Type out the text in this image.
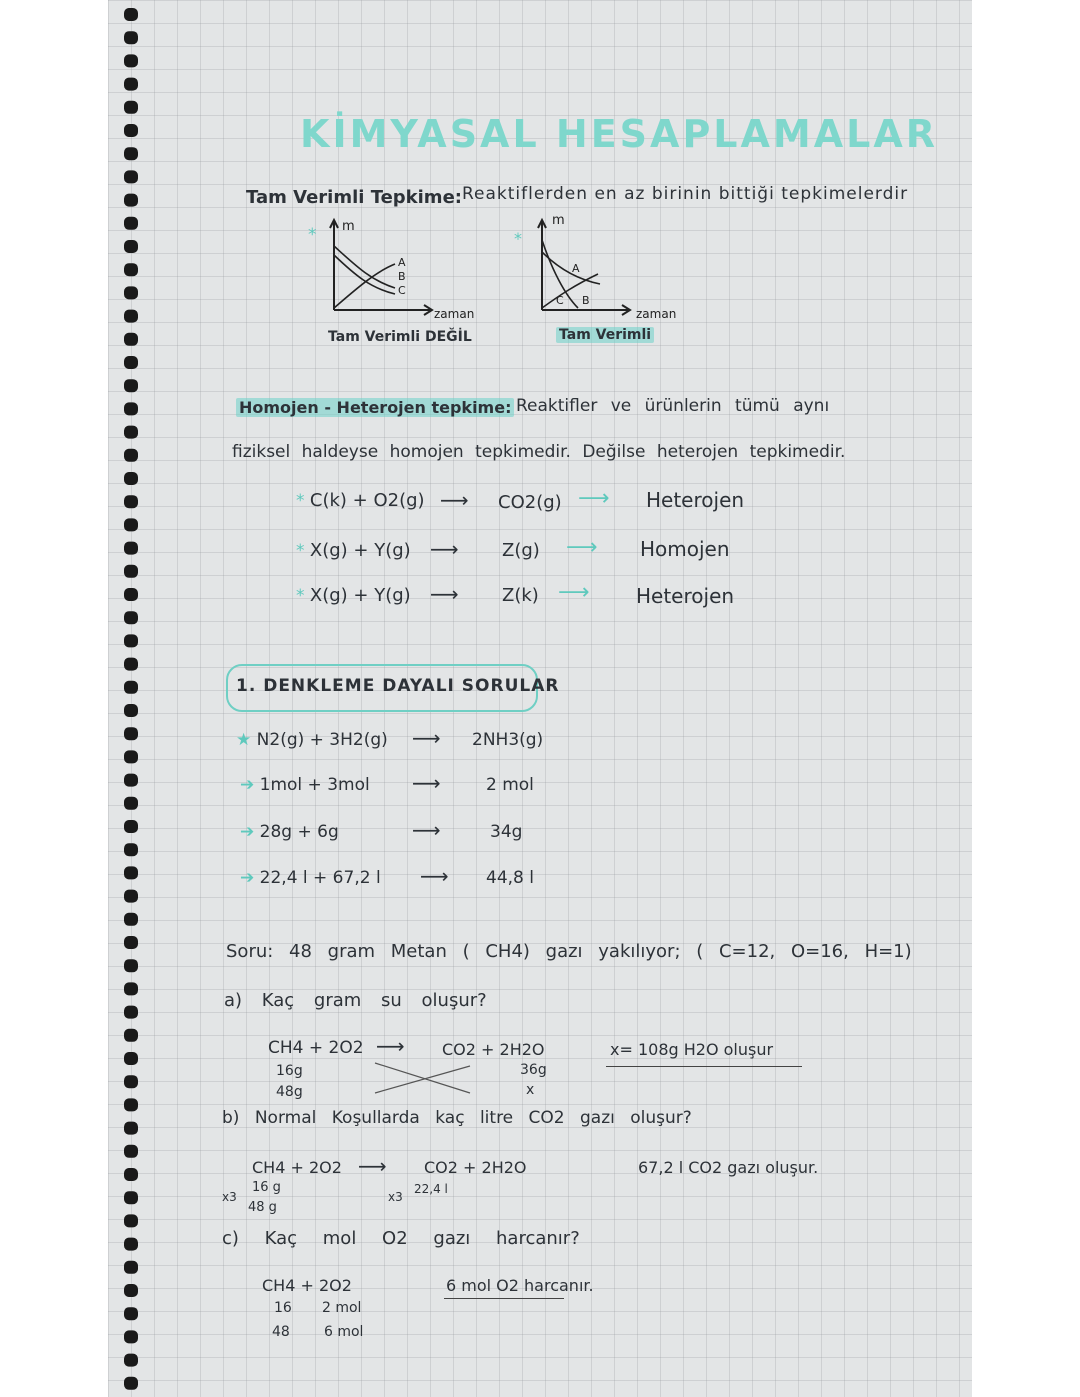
KİMYASAL HESAPLAMALAR
Tam Verimli Tepkime: Reaktiflerden en az birinin bittiği tepkimelerdir
* m
A
B
C
zaman
Tam Verimli DEĞİL
*
m
A
B
C
zaman
Tam Verimli
Homojen - Heterojen tepkime: Reaktifler ve ürünlerin tümü aynı
fiziksel haldeyse homojen tepkimedir. Değilse heterojen tepkimedir.
* C(k) + O2(g) ⟶ CO2(g) ⟶ Heterojen
* X(g) + Y(g) ⟶ Z(g) ⟶ Homojen
* X(g) + Y(g) ⟶ Z(k) ⟶ Heterojen
1. DENKLEME DAYALI SORULAR
★ N2(g) + 3H2(g) ⟶ 2NH3(g)
➔ 1mol + 3mol ⟶	2 mol
➔ 28g + 6g	⟶	34g
➔ 22,4 l + 67,2 l ⟶ 44,8 l
Soru: 48 gram Metan ( CH4) gazı yakılıyor; ( C=12, O=16, H=1)
a) Kaç gram su oluşur?
CH4 + 2O2 ⟶ CO2 + 2H2O
16g
48g
36g
x
x= 108g H2O oluşur
b) Normal Koşullarda kaç litre CO2 gazı oluşur?
CH4 + 2O2 ⟶ CO2 + 2H2O
x3
16 g
48 g
x3
22,4 l
67,2 l CO2 gazı oluşur.
c) Kaç mol O2 gazı harcanır?
CH4 + 2O2
16
48
2 mol
6 mol
6 mol O2 harcanır.
